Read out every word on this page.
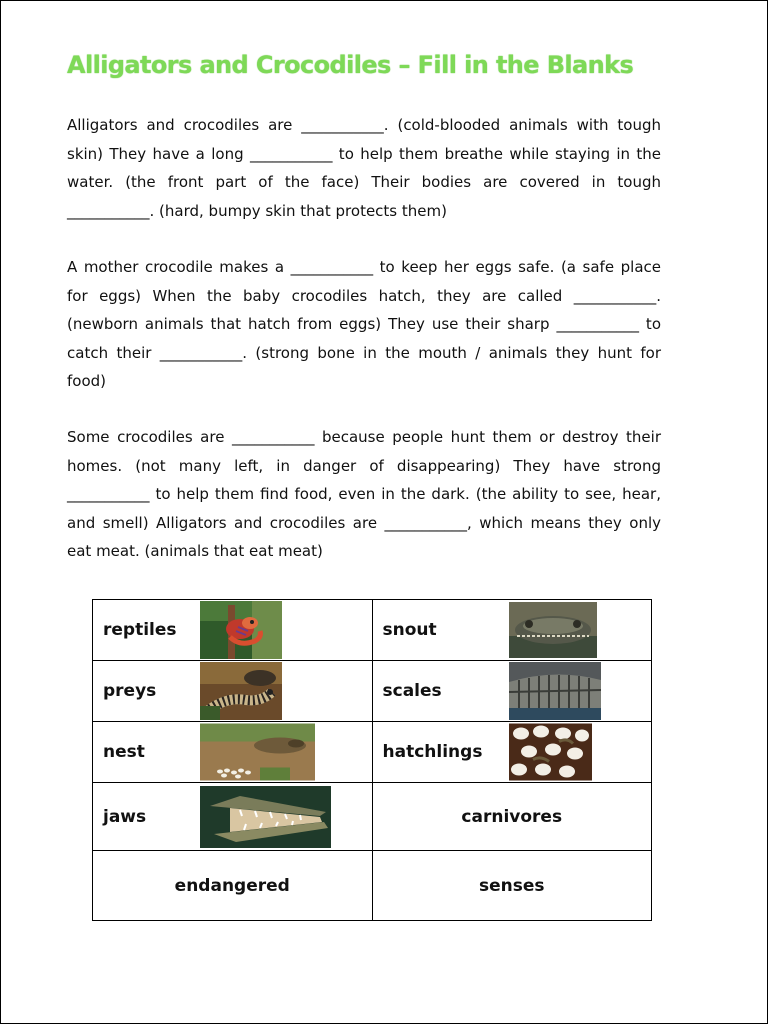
Alligators and Crocodiles – Fill in the Blanks
Alligators and crocodiles are ___________. (cold-blooded animals with tough skin) They have a long ___________ to help them breathe while staying in the water. (the front part of the face) Their bodies are covered in tough ___________. (hard, bumpy skin that protects them)
A mother crocodile makes a ___________ to keep her eggs safe. (a safe place for eggs) When the baby crocodiles hatch, they are called ___________. (newborn animals that hatch from eggs) They use their sharp ___________ to catch their ___________. (strong bone in the mouth / animals they hunt for food)
Some crocodiles are ___________ because people hunt them or destroy their homes. (not many left, in danger of disappearing) They have strong ___________ to help them find food, even in the dark. (the ability to see, hear, and smell) Alligators and crocodiles are ___________, which means they only eat meat. (animals that eat meat)
reptiles	snout

preys	scales

nest	hatchlings

jaws	carnivores
endangered	senses
